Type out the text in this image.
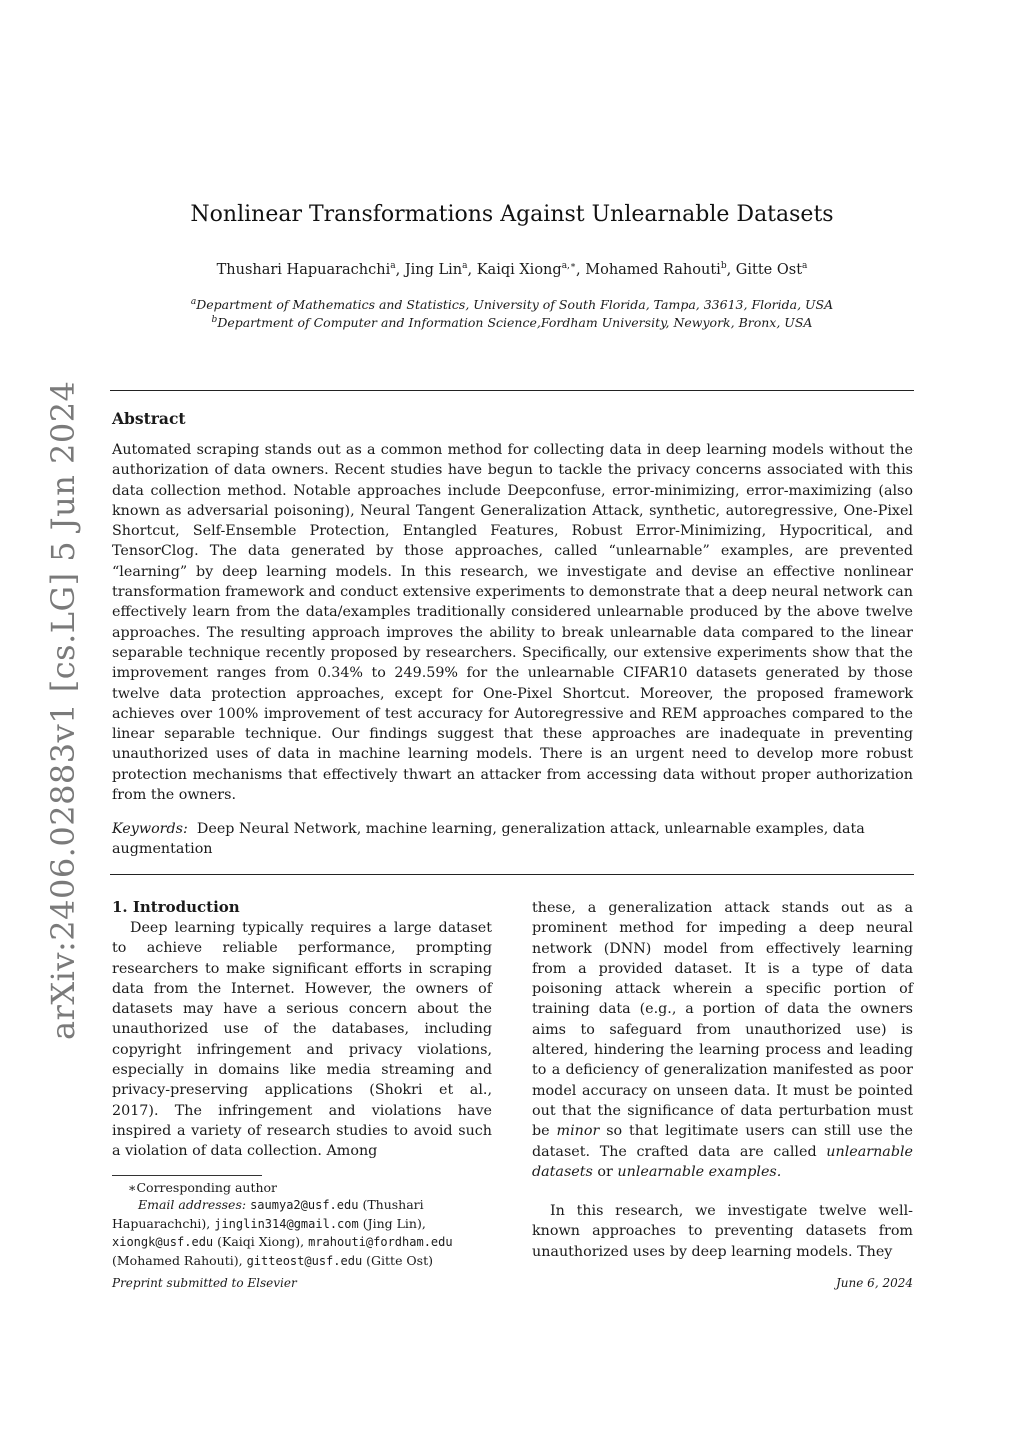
arXiv:2406.02883v1 [cs.LG] 5 Jun 2024
Nonlinear Transformations Against Unlearnable Datasets
Thushari Hapuarachchi$^a$, Jing Lin$^a$, Kaiqi Xiong$^{a,∗}$, Mohamed Rahouti$^b$, Gitte Ost$^a$
$^a$Department of Mathematics and Statistics, University of South Florida, Tampa, 33613, Florida, USA
$^b$Department of Computer and Information Science,Fordham University, Newyork, Bronx, USA
Abstract
Automated scraping stands out as a common method for collecting data in deep learning models without the authorization of data owners. Recent studies have begun to tackle the privacy concerns associated with this data collection method. Notable approaches include Deepconfuse, error-minimizing, error-maximizing (also known as adversarial poisoning), Neural Tangent Generalization Attack, synthetic, autoregressive, One-Pixel Shortcut, Self-Ensemble Protection, Entangled Features, Robust Error-Minimizing, Hypocritical, and TensorClog. The data generated by those approaches, called “unlearnable” examples, are prevented “learning” by deep learning models. In this research, we investigate and devise an effective nonlinear transformation framework and conduct extensive experiments to demonstrate that a deep neural network can effectively learn from the data/examples traditionally considered unlearnable produced by the above twelve approaches. The resulting approach improves the ability to break unlearnable data compared to the linear separable technique recently proposed by researchers. Specifically, our extensive experiments show that the improvement ranges from 0.34% to 249.59% for the unlearnable CIFAR10 datasets generated by those twelve data protection approaches, except for One-Pixel Shortcut. Moreover, the proposed framework achieves over 100% improvement of test accuracy for Autoregressive and REM approaches compared to the linear separable technique. Our findings suggest that these approaches are inadequate in preventing unauthorized uses of data in machine learning models. There is an urgent need to develop more robust protection mechanisms that effectively thwart an attacker from accessing data without proper authorization from the owners.
Keywords: Deep Neural Network, machine learning, generalization attack, unlearnable examples, data augmentation
1. Introduction
Deep learning typically requires a large dataset to achieve reliable performance, prompting researchers to make significant efforts in scraping data from the Internet. However, the owners of datasets may have a serious concern about the unauthorized use of the databases, including copyright infringement and privacy violations, especially in domains like media streaming and privacy-preserving applications (Shokri et al., 2017). The infringement and violations have inspired a variety of research studies to avoid such a violation of data collection. Among
these, a generalization attack stands out as a prominent method for impeding a deep neural network (DNN) model from effectively learning from a provided dataset. It is a type of data poisoning attack wherein a specific portion of training data (e.g., a portion of data the owners aims to safeguard from unauthorized use) is altered, hindering the learning process and leading to a deficiency of generalization manifested as poor model accuracy on unseen data. It must be pointed out that the significance of data perturbation must be minor so that legitimate users can still use the dataset. The crafted data are called unlearnable datasets or unlearnable examples.
In this research, we investigate twelve well-known approaches to preventing datasets from unauthorized uses by deep learning models. They
∗Corresponding author
Email addresses: saumya2@usf.edu (Thushari Hapuarachchi), jinglin314@gmail.com (Jing Lin), xiongk@usf.edu (Kaiqi Xiong), mrahouti@fordham.edu (Mohamed Rahouti), gitteost@usf.edu (Gitte Ost)
Preprint submitted to Elsevier	June 6, 2024
